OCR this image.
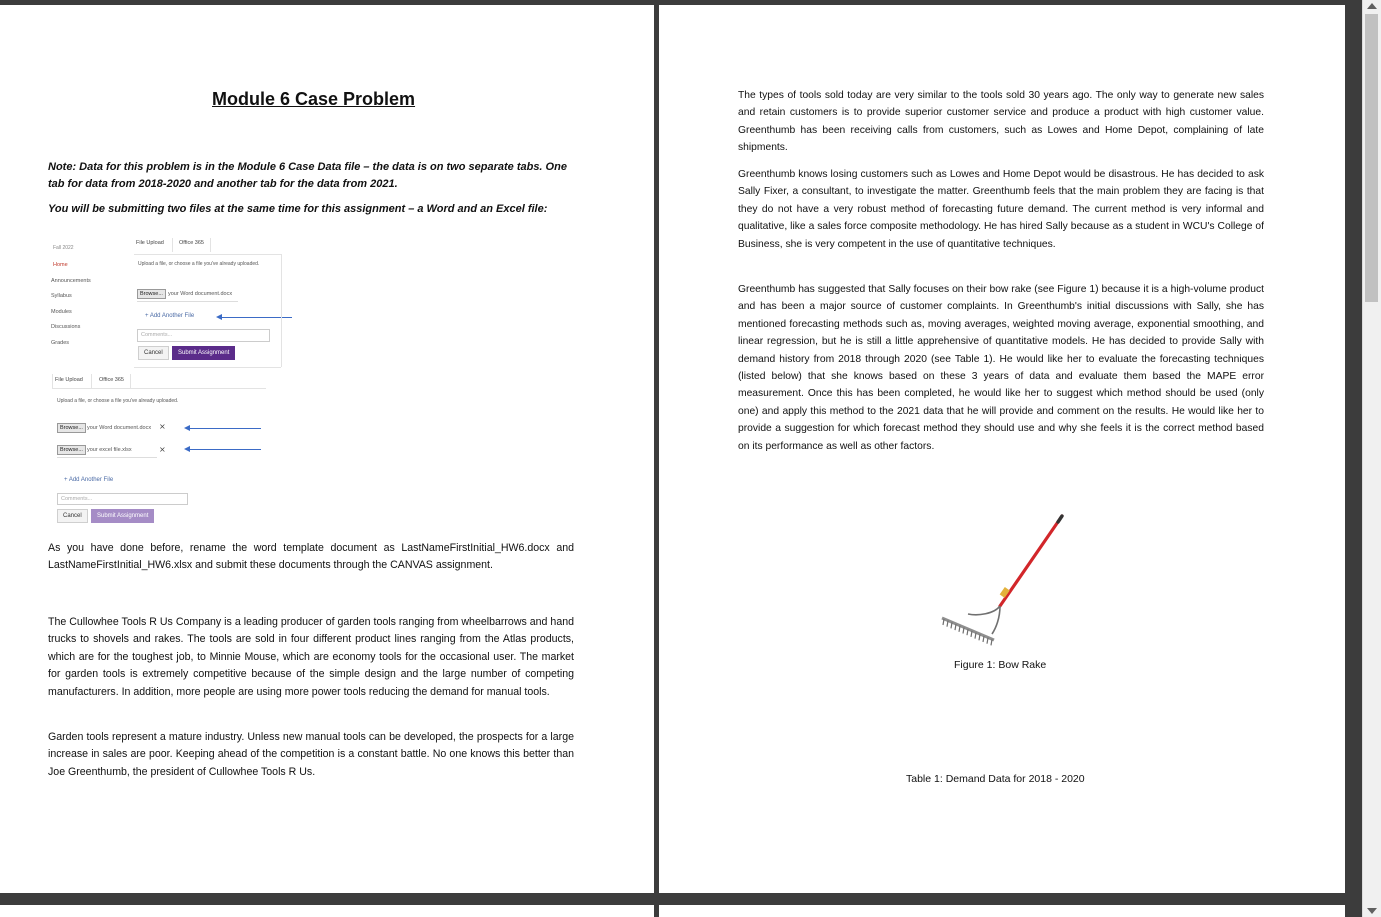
Module 6 Case Problem
Note: Data for this problem is in the Module 6 Case Data file – the data is on two separate tabs. One tab for data from 2018-2020 and another tab for the data from 2021.
You will be submitting two files at the same time for this assignment – a Word and an Excel file:
Fall 2022
Home
Announcements
Syllabus
Modules
Discussions
Grades
File Upload	Office 365
Upload a file, or choose a file you've already uploaded.
Browse... your Word document.docx
+ Add Another File
Comments...
Cancel	Submit Assignment
File Upload	Office 365
Upload a file, or choose a file you've already uploaded.
Browse... your Word document.docx ×
Browse... your excel file.xlsx	×
+ Add Another File
Comments...
Cancel	Submit Assignment
As you have done before, rename the word template document as LastNameFirstInitial_HW6.docx and LastNameFirstInitial_HW6.xlsx and submit these documents through the CANVAS assignment.
The Cullowhee Tools R Us Company is a leading producer of garden tools ranging from wheelbarrows and hand trucks to shovels and rakes. The tools are sold in four different product lines ranging from the Atlas products, which are for the toughest job, to Minnie Mouse, which are economy tools for the occasional user. The market for garden tools is extremely competitive because of the simple design and the large number of competing manufacturers. In addition, more people are using more power tools reducing the demand for manual tools.
Garden tools represent a mature industry. Unless new manual tools can be developed, the prospects for a large increase in sales are poor. Keeping ahead of the competition is a constant battle. No one knows this better than Joe Greenthumb, the president of Cullowhee Tools R Us.
The types of tools sold today are very similar to the tools sold 30 years ago. The only way to generate new sales and retain customers is to provide superior customer service and produce a product with high customer value. Greenthumb has been receiving calls from customers, such as Lowes and Home Depot, complaining of late shipments.
Greenthumb knows losing customers such as Lowes and Home Depot would be disastrous. He has decided to ask Sally Fixer, a consultant, to investigate the matter. Greenthumb feels that the main problem they are facing is that they do not have a very robust method of forecasting future demand. The current method is very informal and qualitative, like a sales force composite methodology. He has hired Sally because as a student in WCU's College of Business, she is very competent in the use of quantitative techniques.
Greenthumb has suggested that Sally focuses on their bow rake (see Figure 1) because it is a high-volume product and has been a major source of customer complaints. In Greenthumb's initial discussions with Sally, she has mentioned forecasting methods such as, moving averages, weighted moving average, exponential smoothing, and linear regression, but he is still a little apprehensive of quantitative models. He has decided to provide Sally with demand history from 2018 through 2020 (see Table 1). He would like her to evaluate the forecasting techniques (listed below) that she knows based on these 3 years of data and evaluate them based the MAPE error measurement. Once this has been completed, he would like her to suggest which method should be used (only one) and apply this method to the 2021 data that he will provide and comment on the results. He would like her to provide a suggestion for which forecast method they should use and why she feels it is the correct method based on its performance as well as other factors.
Figure 1: Bow Rake
Table 1: Demand Data for 2018 - 2020
